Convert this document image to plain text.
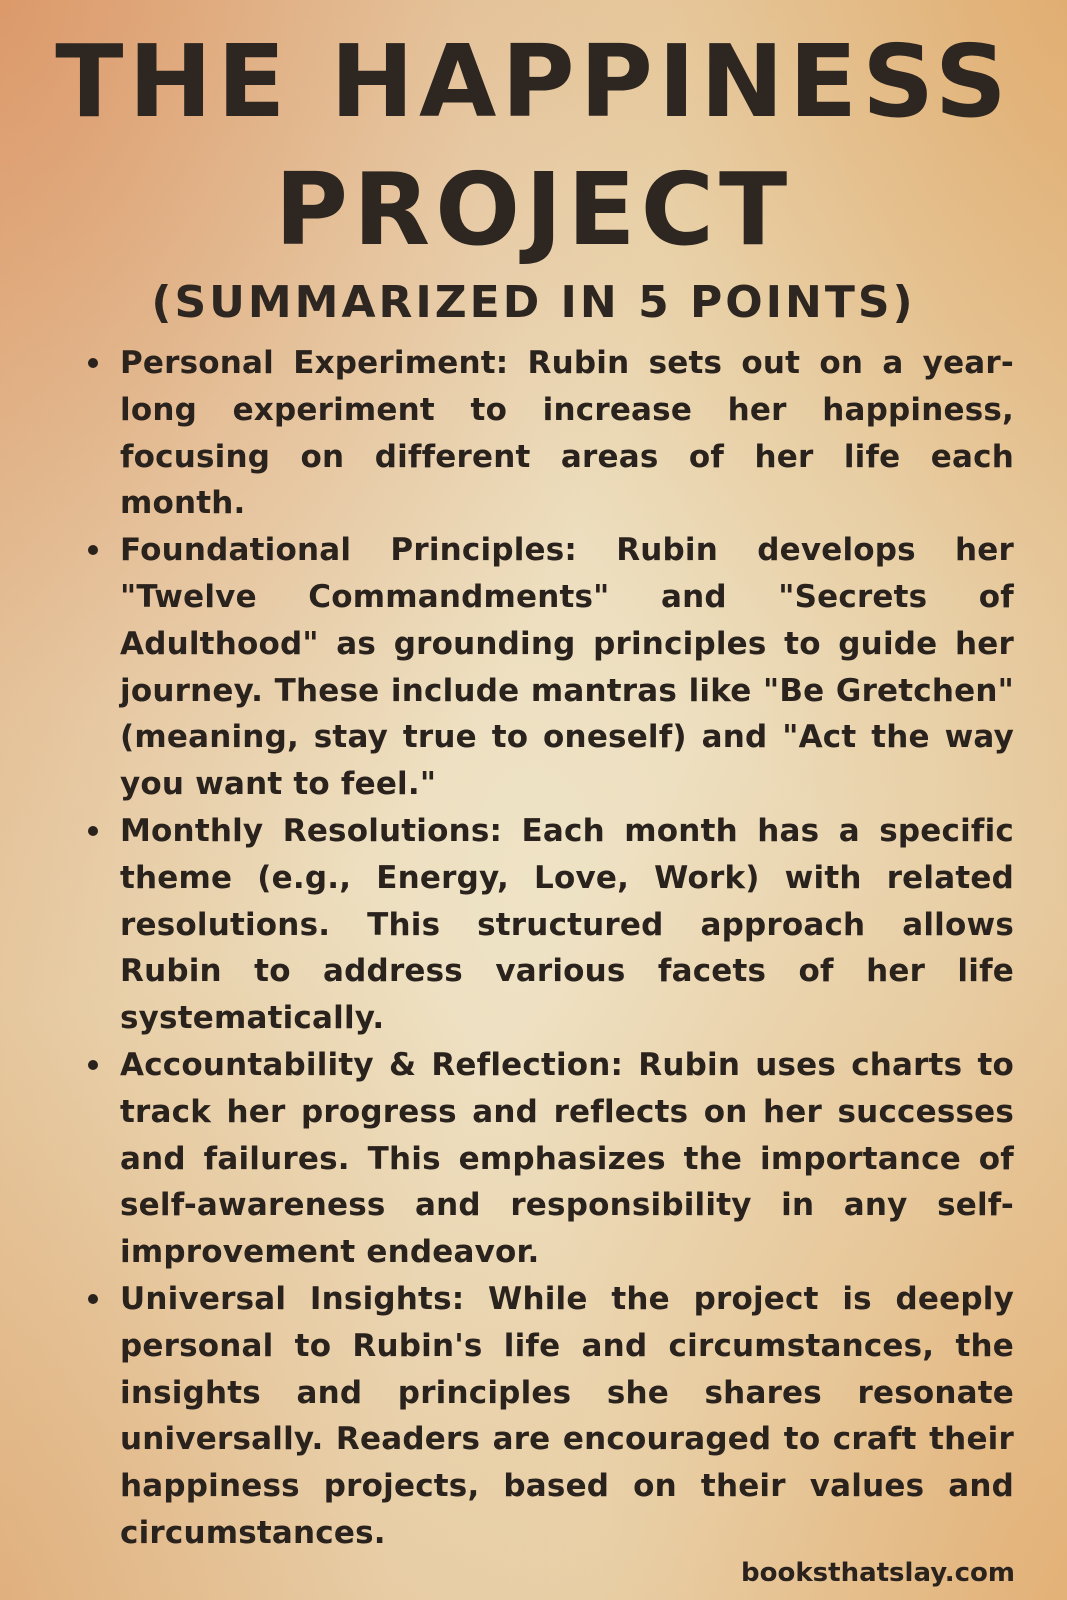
THE HAPPINESS
PROJECT
(SUMMARIZED IN 5 POINTS)
Personal Experiment: Rubin sets out on a year-long experiment to increase her happiness, focusing on different areas of her life each month.
Foundational Principles: Rubin develops her "Twelve Commandments" and "Secrets of Adulthood" as grounding principles to guide her journey. These include mantras like "Be Gretchen" (meaning, stay true to oneself) and "Act the way you want to feel."
Monthly Resolutions: Each month has a specific theme (e.g., Energy, Love, Work) with related resolutions. This structured approach allows Rubin to address various facets of her life systematically.
Accountability & Reflection: Rubin uses charts to track her progress and reflects on her successes and failures. This emphasizes the importance of self-awareness and responsibility in any self-improvement endeavor.
Universal Insights: While the project is deeply personal to Rubin's life and circumstances, the insights and principles she shares resonate universally. Readers are encouraged to craft their happiness projects, based on their values and circumstances.
booksthatslay.com
